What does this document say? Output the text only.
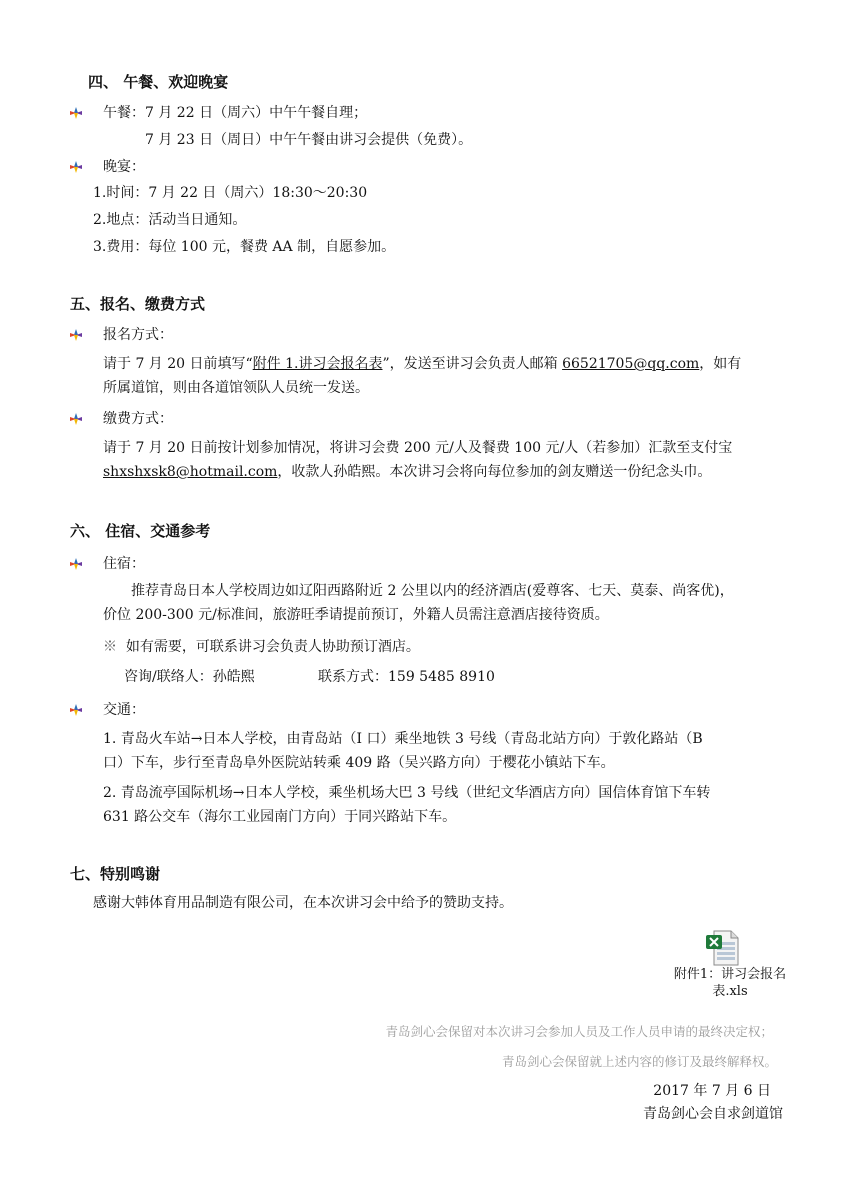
四、 午餐、欢迎晚宴
午餐：7 月 22 日（周六）中午午餐自理；
7 月 23 日（周日）中午午餐由讲习会提供（免费）。
晚宴：
1.时间：7 月 22 日（周六）18:30～20:30
2.地点：活动当日通知。
3.费用：每位 100 元，餐费 AA 制，自愿参加。
五、报名、缴费方式
报名方式：
请于 7 月 20 日前填写“附件 1.讲习会报名表”，发送至讲习会负责人邮箱 66521705@qq.com，如有
所属道馆，则由各道馆领队人员统一发送。
缴费方式：
请于 7 月 20 日前按计划参加情况，将讲习会费 200 元/人及餐费 100 元/人（若参加）汇款至支付宝
shxshxsk8@hotmail.com，收款人孙皓熙。本次讲习会将向每位参加的剑友赠送一份纪念头巾。
六、 住宿、交通参考
住宿：
推荐青岛日本人学校周边如辽阳西路附近 2 公里以内的经济酒店(爱尊客、七天、莫泰、尚客优)，
价位 200-300 元/标准间，旅游旺季请提前预订，外籍人员需注意酒店接待资质。
※ 如有需要，可联系讲习会负责人协助预订酒店。
咨询/联络人：孙皓熙	联系方式：159 5485 8910
交通：
1. 青岛火车站→日本人学校，由青岛站（I 口）乘坐地铁 3 号线（青岛北站方向）于敦化路站（B
口）下车，步行至青岛阜外医院站转乘 409 路（吴兴路方向）于樱花小镇站下车。
2. 青岛流亭国际机场→日本人学校，乘坐机场大巴 3 号线（世纪文华酒店方向）国信体育馆下车转
631 路公交车（海尔工业园南门方向）于同兴路站下车。
七、特别鸣谢
感谢大韩体育用品制造有限公司，在本次讲习会中给予的赞助支持。
附件1：讲习会报名
表.xls
青岛剑心会保留对本次讲习会参加人员及工作人员申请的最终决定权；
青岛剑心会保留就上述内容的修订及最终解释权。
2017 年 7 月 6 日
青岛剑心会自求剑道馆
